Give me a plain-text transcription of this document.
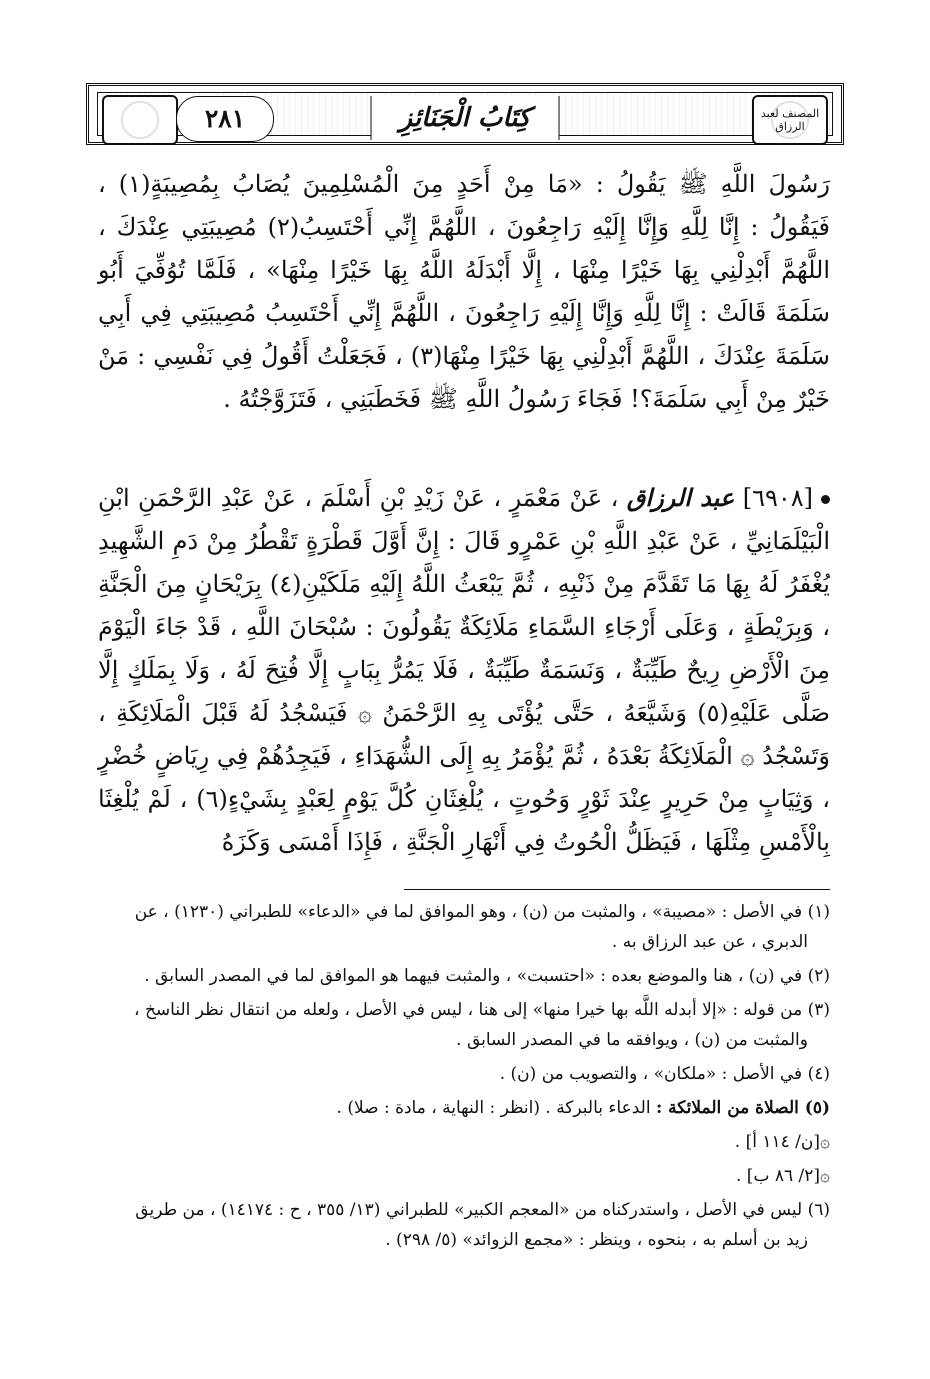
المصنف لعبد الرزاق
٢٨١	كِتَابُ الْجَنَائِزِ
رَسُولَ اللَّهِ ﷺ يَقُولُ : «مَا مِنْ أَحَدٍ مِنَ الْمُسْلِمِينَ يُصَابُ بِمُصِيبَةٍ(١) ، فَيَقُولُ : إِنَّا لِلَّهِ وَإِنَّا إِلَيْهِ رَاجِعُونَ ، اللَّهُمَّ إِنِّي أَحْتَسِبُ(٢) مُصِيبَتِي عِنْدَكَ ، اللَّهُمَّ أَبْدِلْنِي بِهَا خَيْرًا مِنْهَا ، إِلَّا أَبْدَلَهُ اللَّهُ بِهَا خَيْرًا مِنْهَا» ، فَلَمَّا تُوُفِّيَ أَبُو سَلَمَةَ قَالَتْ : إِنَّا لِلَّهِ وَإِنَّا إِلَيْهِ رَاجِعُونَ ، اللَّهُمَّ إِنِّي أَحْتَسِبُ مُصِيبَتِي فِي أَبِي سَلَمَةَ عِنْدَكَ ، اللَّهُمَّ أَبْدِلْنِي بِهَا خَيْرًا مِنْهَا(٣) ، فَجَعَلْتُ أَقُولُ فِي نَفْسِي : مَنْ خَيْرٌ مِنْ أَبِي سَلَمَةَ؟! فَجَاءَ رَسُولُ اللَّهِ ﷺ فَخَطَبَنِي ، فَتَزَوَّجْتُهُ .
[٦٩٠٨] عبد الرزاق ، عَنْ مَعْمَرٍ ، عَنْ زَيْدِ بْنِ أَسْلَمَ ، عَنْ عَبْدِ الرَّحْمَنِ ابْنِ الْبَيْلَمَانِيِّ ، عَنْ عَبْدِ اللَّهِ بْنِ عَمْرٍو قَالَ : إِنَّ أَوَّلَ قَطْرَةٍ تَقْطُرُ مِنْ دَمِ الشَّهِيدِ يُغْفَرُ لَهُ بِهَا مَا تَقَدَّمَ مِنْ ذَنْبِهِ ، ثُمَّ يَبْعَثُ اللَّهُ إِلَيْهِ مَلَكَيْنِ(٤) بِرَيْحَانٍ مِنَ الْجَنَّةِ ، وَبِرَيْطَةٍ ، وَعَلَى أَرْجَاءِ السَّمَاءِ مَلَائِكَةٌ يَقُولُونَ : سُبْحَانَ اللَّهِ ، قَدْ جَاءَ الْيَوْمَ مِنَ الْأَرْضِ رِيحٌ طَيِّبَةٌ ، وَنَسَمَةٌ طَيِّبَةٌ ، فَلَا يَمُرُّ بِبَابٍ إِلَّا فُتِحَ لَهُ ، وَلَا بِمَلَكٍ إِلَّا صَلَّى عَلَيْهِ(٥) وَشَيَّعَهُ ، حَتَّى يُؤْتَى بِهِ الرَّحْمَنُ ۞ فَيَسْجُدُ لَهُ قَبْلَ الْمَلَائِكَةِ ، وَتَسْجُدُ ۞ الْمَلَائِكَةُ بَعْدَهُ ، ثُمَّ يُؤْمَرُ بِهِ إِلَى الشُّهَدَاءِ ، فَيَجِدُهُمْ فِي رِيَاضٍ خُضْرٍ ، وَثِيَابٍ مِنْ حَرِيرٍ عِنْدَ ثَوْرٍ وَحُوتٍ ، يُلْغِثَانِ كُلَّ يَوْمٍ لِعَبْدٍ بِشَيْءٍ(٦) ، لَمْ يُلْغِثَا بِالْأَمْسِ مِثْلَهَا ، فَيَظَلُّ الْحُوتُ فِي أَنْهَارِ الْجَنَّةِ ، فَإِذَا أَمْسَى وَكَزَهُ
(١) في الأصل : «مصيبة» ، والمثبت من (ن) ، وهو الموافق لما في «الدعاء» للطبراني (١٢٣٠) ، عن
الدبري ، عن عبد الرزاق به .
(٢) في (ن) ، هنا والموضع بعده : «احتسبت» ، والمثبت فيهما هو الموافق لما في المصدر السابق .
(٣) من قوله : «إلا أبدله اللَّه بها خيرا منها» إلى هنا ، ليس في الأصل ، ولعله من انتقال نظر الناسخ ،
والمثبت من (ن) ، ويوافقه ما في المصدر السابق .
(٤) في الأصل : «ملكان» ، والتصويب من (ن) .
(٥) الصلاة من الملائكة : الدعاء بالبركة . (انظر : النهاية ، مادة : صلا) .
۞[ن/ ١١٤ أ] .
۞[٢/ ٨٦ ب] .
(٦) ليس في الأصل ، واستدركناه من «المعجم الكبير» للطبراني (١٣/ ٣٥٥ ، ح : ١٤١٧٤) ، من طريق
زيد بن أسلم به ، بنحوه ، وينظر : «مجمع الزوائد» (٥/ ٢٩٨) .
